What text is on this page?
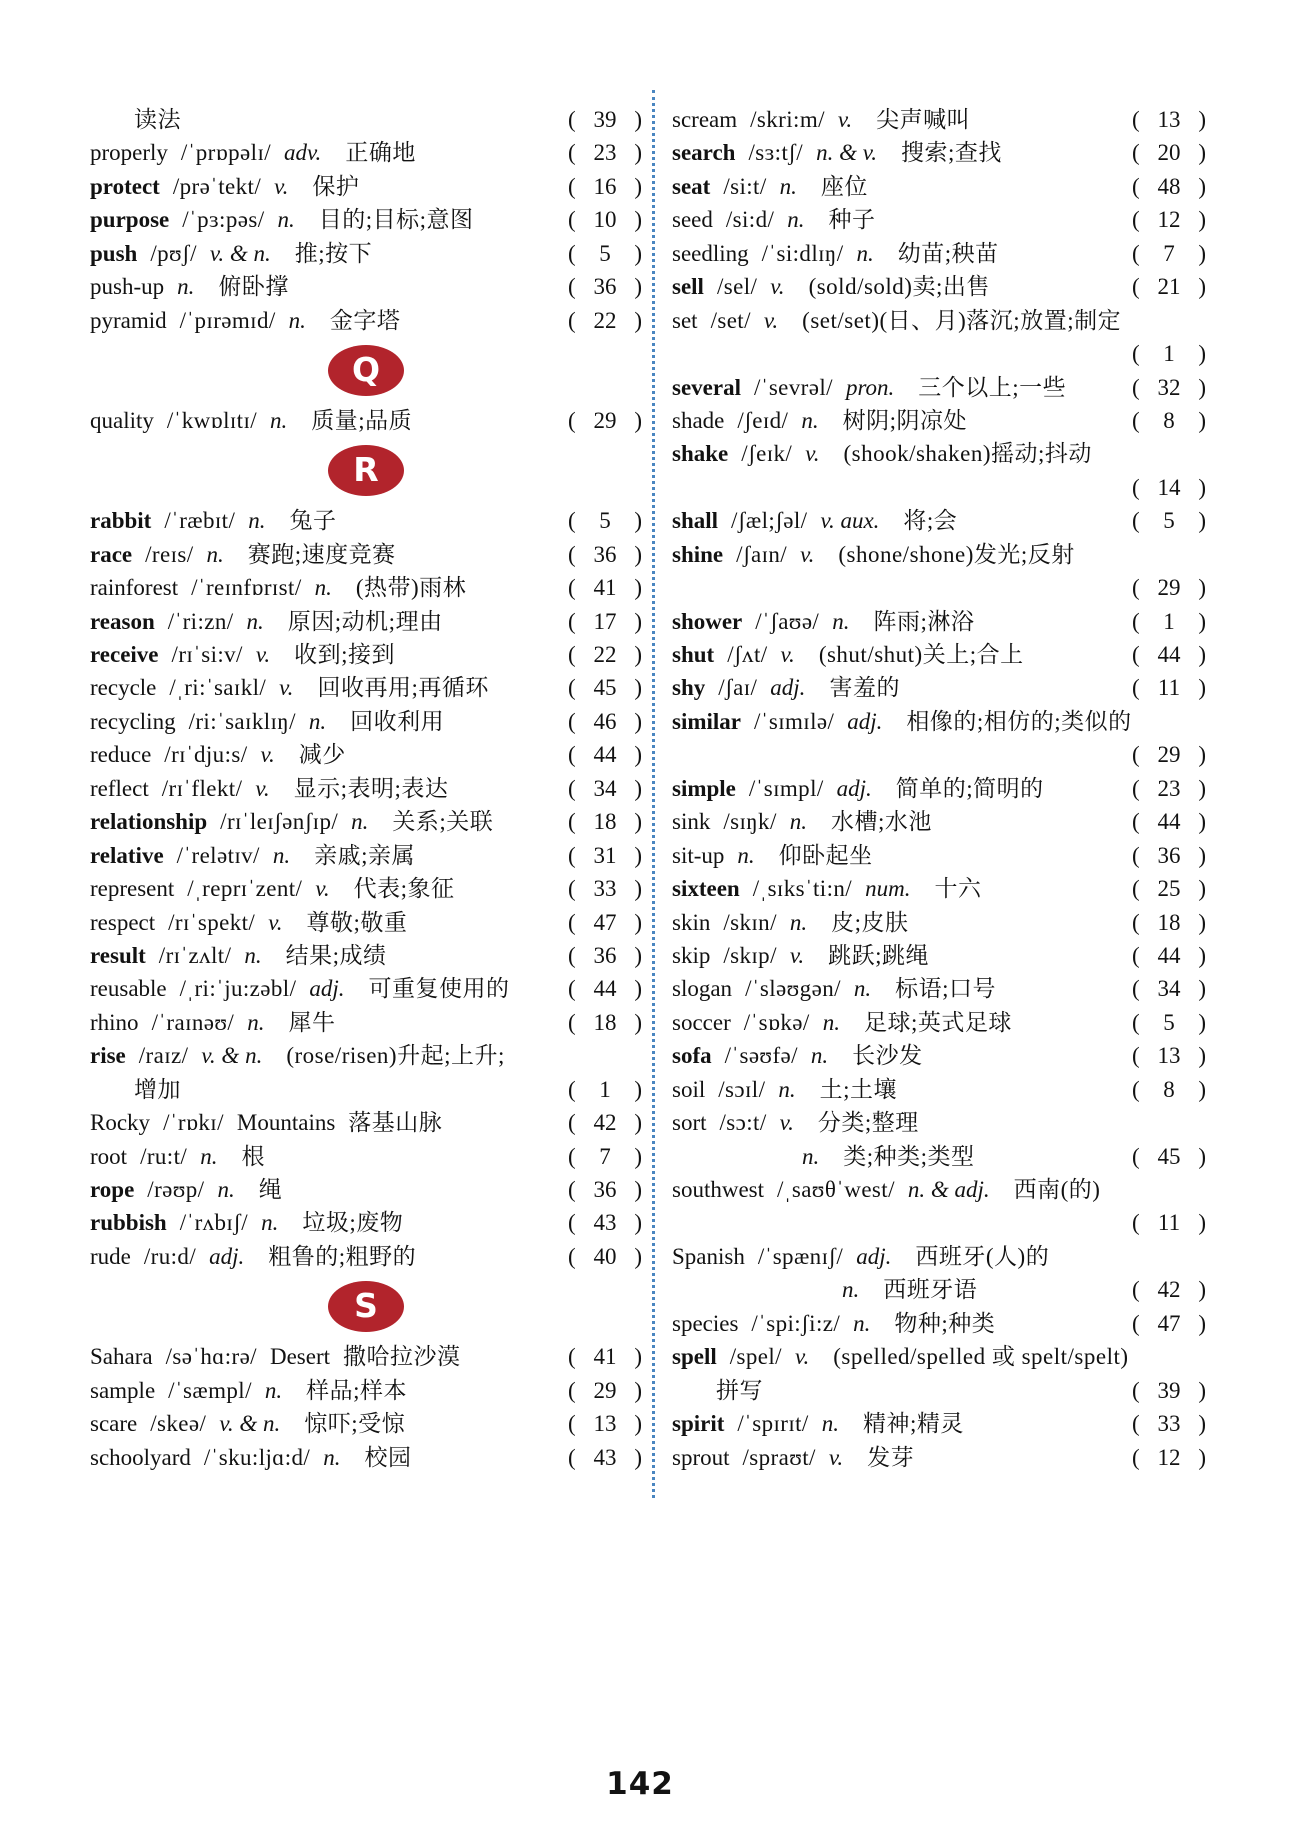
读法	( 39 )
properly /ˈprɒpəlɪ/ adv. 正确地	( 23 )
protect /prəˈtekt/ v. 保护	( 16 )
purpose /ˈpɜ:pəs/ n. 目的;目标;意图	( 10 )
push /pʊʃ/ v. & n. 推;按下	( 5 )
push-up n. 俯卧撑	( 36 )
pyramid /ˈpɪrəmɪd/ n. 金字塔	( 22 )
Q
quality /ˈkwɒlɪtɪ/ n. 质量;品质	( 29 )
R
rabbit /ˈræbɪt/ n. 兔子	( 5 )
race /reɪs/ n. 赛跑;速度竞赛	( 36 )
rainforest /ˈreɪnfɒrɪst/ n. (热带)雨林	( 41 )
reason /ˈri:zn/ n. 原因;动机;理由	( 17 )
receive /rɪˈsi:v/ v. 收到;接到	( 22 )
recycle /ˌri:ˈsaɪkl/ v. 回收再用;再循环	( 45 )
recycling /ri:ˈsaɪklɪŋ/ n. 回收利用	( 46 )
reduce /rɪˈdju:s/ v. 减少	( 44 )
reflect /rɪˈflekt/ v. 显示;表明;表达	( 34 )
relationship /rɪˈleɪʃənʃɪp/ n. 关系;关联	( 18 )
relative /ˈrelətɪv/ n. 亲戚;亲属	( 31 )
represent /ˌreprɪˈzent/ v. 代表;象征	( 33 )
respect /rɪˈspekt/ v. 尊敬;敬重	( 47 )
result /rɪˈzʌlt/ n. 结果;成绩	( 36 )
reusable /ˌri:ˈju:zəbl/ adj. 可重复使用的	( 44 )
rhino /ˈraɪnəʊ/ n. 犀牛	( 18 )
rise /raɪz/ v. & n. (rose/risen)升起;上升;
增加	( 1 )
Rocky /ˈrɒkɪ/ Mountains 落基山脉	( 42 )
root /ru:t/ n. 根	( 7 )
rope /rəʊp/ n. 绳	( 36 )
rubbish /ˈrʌbɪʃ/ n. 垃圾;废物	( 43 )
rude /ru:d/ adj. 粗鲁的;粗野的	( 40 )
S
Sahara /səˈhɑ:rə/ Desert 撒哈拉沙漠	( 41 )
sample /ˈsæmpl/ n. 样品;样本	( 29 )
scare /skeə/ v. & n. 惊吓;受惊	( 13 )
schoolyard /ˈsku:ljɑ:d/ n. 校园	( 43 )
scream /skri:m/ v. 尖声喊叫	( 13 )
search /sɜ:tʃ/ n. & v. 搜索;查找	( 20 )
seat /si:t/ n. 座位	( 48 )
seed /si:d/ n. 种子	( 12 )
seedling /ˈsi:dlɪŋ/ n. 幼苗;秧苗	( 7 )
sell /sel/ v. (sold/sold)卖;出售	( 21 )
set /set/ v. (set/set)(日、月)落沉;放置;制定
( 1 )
several /ˈsevrəl/ pron. 三个以上;一些	( 32 )
shade /ʃeɪd/ n. 树阴;阴凉处	( 8 )
shake /ʃeɪk/ v. (shook/shaken)摇动;抖动
( 14 )
shall /ʃæl;ʃəl/ v. aux. 将;会	( 5 )
shine /ʃaɪn/ v. (shone/shone)发光;反射
( 29 )
shower /ˈʃaʊə/ n. 阵雨;淋浴	( 1 )
shut /ʃʌt/ v. (shut/shut)关上;合上	( 44 )
shy /ʃaɪ/ adj. 害羞的	( 11 )
similar /ˈsɪmɪlə/ adj. 相像的;相仿的;类似的
( 29 )
simple /ˈsɪmpl/ adj. 简单的;简明的	( 23 )
sink /sɪŋk/ n. 水槽;水池	( 44 )
sit-up n. 仰卧起坐	( 36 )
sixteen /ˌsɪksˈti:n/ num. 十六	( 25 )
skin /skɪn/ n. 皮;皮肤	( 18 )
skip /skɪp/ v. 跳跃;跳绳	( 44 )
slogan /ˈsləʊgən/ n. 标语;口号	( 34 )
soccer /ˈsɒkə/ n. 足球;英式足球	( 5 )
sofa /ˈsəʊfə/ n. 长沙发	( 13 )
soil /sɔɪl/ n. 土;土壤	( 8 )
sort /sɔ:t/ v. 分类;整理
n. 类;种类;类型	( 45 )
southwest /ˌsaʊθˈwest/ n. & adj. 西南(的)
( 11 )
Spanish /ˈspænɪʃ/ adj. 西班牙(人)的
n. 西班牙语	( 42 )
species /ˈspi:ʃi:z/ n. 物种;种类	( 47 )
spell /spel/ v. (spelled/spelled 或 spelt/spelt)
拼写	( 39 )
spirit /ˈspɪrɪt/ n. 精神;精灵	( 33 )
sprout /spraʊt/ v. 发芽	( 12 )
142
